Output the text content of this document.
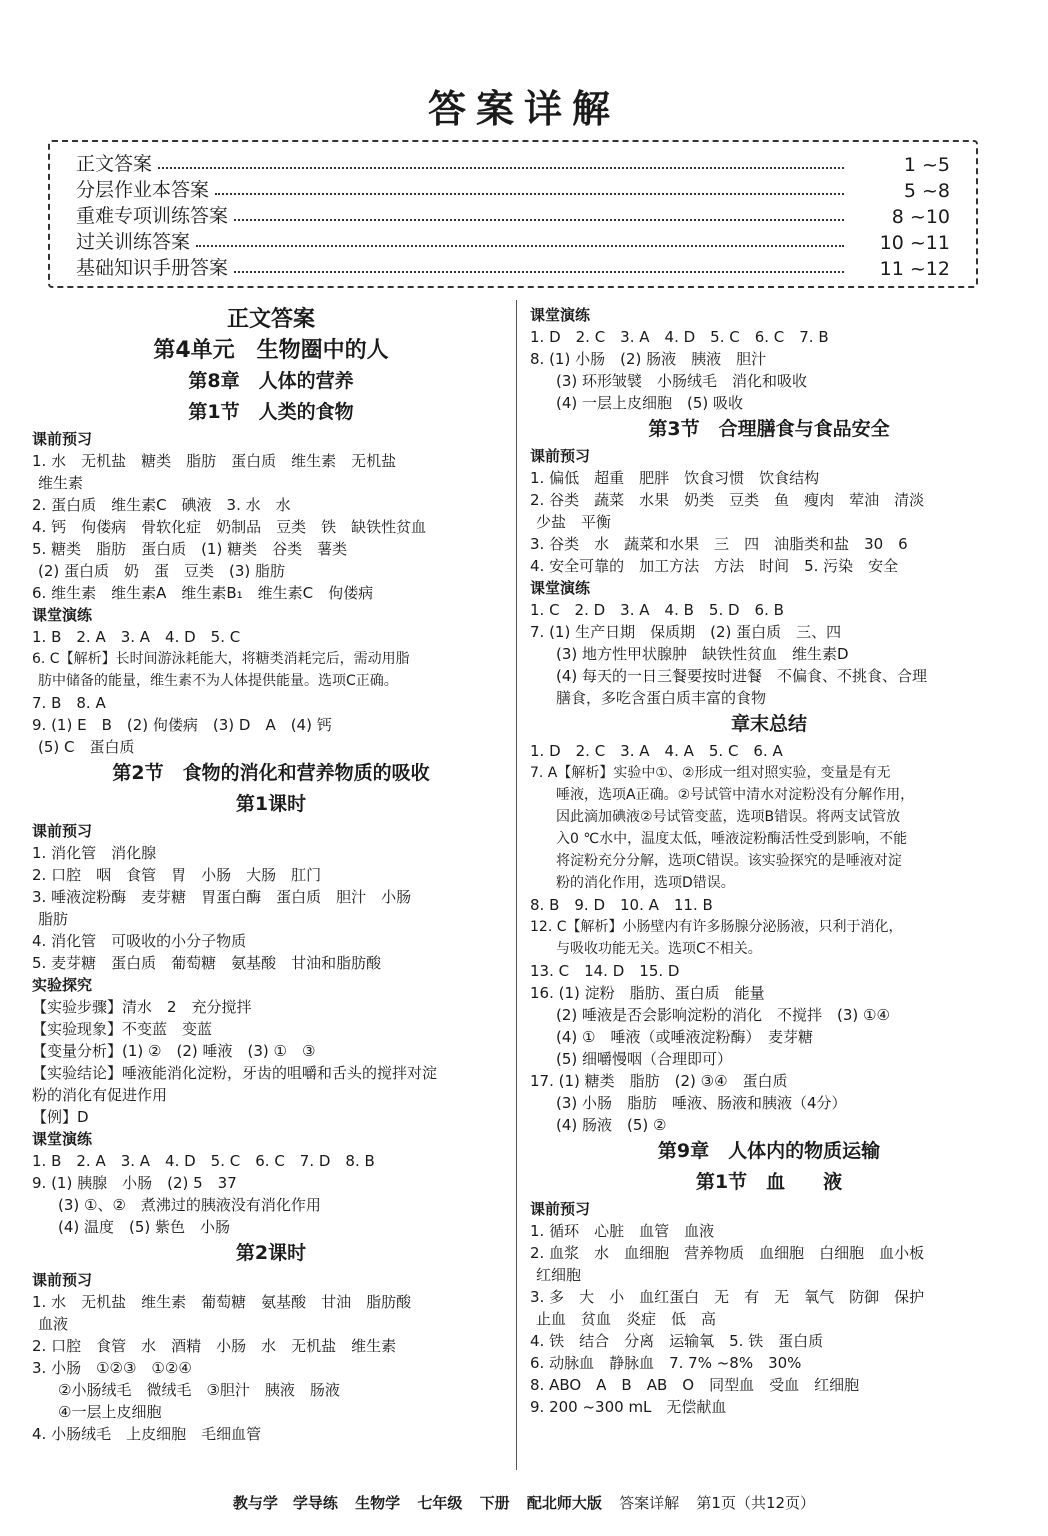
答案详解
正文答案	1 ~5
分层作业本答案	5 ~8
重难专项训练答案	8 ~10
过关训练答案	10 ~11
基础知识手册答案	11 ~12
正文答案
第4单元　生物圈中的人
第8章　人体的营养
第1节　人类的食物
课前预习
1. 水　无机盐　糖类　脂肪　蛋白质　维生素　无机盐
维生素
2. 蛋白质　维生素C　碘液　3. 水　水
4. 钙　佝偻病　骨软化症　奶制品　豆类　铁　缺铁性贫血
5. 糖类　脂肪　蛋白质　(1) 糖类　谷类　薯类
(2) 蛋白质　奶　蛋　豆类　(3) 脂肪
6. 维生素　维生素A　维生素B₁　维生素C　佝偻病
课堂演练
1. B　2. A　3. A　4. D　5. C
6. C【解析】长时间游泳耗能大，将糖类消耗完后，需动用脂
肪中储备的能量，维生素不为人体提供能量。选项C正确。
7. B　8. A
9. (1) E　B　(2) 佝偻病　(3) D　A　(4) 钙
(5) C　蛋白质
第2节　食物的消化和营养物质的吸收
第1课时
课前预习
1. 消化管　消化腺
2. 口腔　咽　食管　胃　小肠　大肠　肛门
3. 唾液淀粉酶　麦芽糖　胃蛋白酶　蛋白质　胆汁　小肠
脂肪
4. 消化管　可吸收的小分子物质
5. 麦芽糖　蛋白质　葡萄糖　氨基酸　甘油和脂肪酸
实验探究
【实验步骤】清水　2　充分搅拌
【实验现象】不变蓝　变蓝
【变量分析】(1) ②　(2) 唾液　(3) ①　③
【实验结论】唾液能消化淀粉，牙齿的咀嚼和舌头的搅拌对淀
粉的消化有促进作用
【例】D
课堂演练
1. B　2. A　3. A　4. D　5. C　6. C　7. D　8. B
9. (1) 胰腺　小肠　(2) 5　37
(3) ①、②　煮沸过的胰液没有消化作用
(4) 温度　(5) 紫色　小肠
第2课时
课前预习
1. 水　无机盐　维生素　葡萄糖　氨基酸　甘油　脂肪酸
血液
2. 口腔　食管　水　酒精　小肠　水　无机盐　维生素
3. 小肠　①②③　①②④
②小肠绒毛　微绒毛　③胆汁　胰液　肠液
④一层上皮细胞
4. 小肠绒毛　上皮细胞　毛细血管
课堂演练
1. D　2. C　3. A　4. D　5. C　6. C　7. B
8. (1) 小肠　(2) 肠液　胰液　胆汁
(3) 环形皱襞　小肠绒毛　消化和吸收
(4) 一层上皮细胞　(5) 吸收
第3节　合理膳食与食品安全
课前预习
1. 偏低　超重　肥胖　饮食习惯　饮食结构
2. 谷类　蔬菜　水果　奶类　豆类　鱼　瘦肉　荤油　清淡
少盐　平衡
3. 谷类　水　蔬菜和水果　三　四　油脂类和盐　30　6
4. 安全可靠的　加工方法　方法　时间　5. 污染　安全
课堂演练
1. C　2. D　3. A　4. B　5. D　6. B
7. (1) 生产日期　保质期　(2) 蛋白质　三、四
(3) 地方性甲状腺肿　缺铁性贫血　维生素D
(4) 每天的一日三餐要按时进餐　不偏食、不挑食、合理
膳食，多吃含蛋白质丰富的食物
章末总结
1. D　2. C　3. A　4. A　5. C　6. A
7. A【解析】实验中①、②形成一组对照实验，变量是有无
唾液，选项A正确。②号试管中清水对淀粉没有分解作用，
因此滴加碘液②号试管变蓝，选项B错误。将两支试管放
入0 ℃水中，温度太低，唾液淀粉酶活性受到影响，不能
将淀粉充分分解，选项C错误。该实验探究的是唾液对淀
粉的消化作用，选项D错误。
8. B　9. D　10. A　11. B
12. C【解析】小肠壁内有许多肠腺分泌肠液，只利于消化，
与吸收功能无关。选项C不相关。
13. C　14. D　15. D
16. (1) 淀粉　脂肪、蛋白质　能量
(2) 唾液是否会影响淀粉的消化　不搅拌　(3) ①④
(4) ①　唾液（或唾液淀粉酶）　麦芽糖
(5) 细嚼慢咽（合理即可）
17. (1) 糖类　脂肪　(2) ③④　蛋白质
(3) 小肠　脂肪　唾液、肠液和胰液（4分）
(4) 肠液　(5) ②
第9章　人体内的物质运输
第1节　血　　液
课前预习
1. 循环　心脏　血管　血液
2. 血浆　水　血细胞　营养物质　血细胞　白细胞　血小板
红细胞
3. 多　大　小　血红蛋白　无　有　无　氧气　防御　保护
止血　贫血　炎症　低　高
4. 铁　结合　分离　运输氧　5. 铁　蛋白质
6. 动脉血　静脉血　7. 7% ~8%　30%
8. ABO　A　B　AB　O　同型血　受血　红细胞
9. 200 ~300 mL　无偿献血
教与学　学导练 生物学 七年级 下册 配北师大版 答案详解 第1页（共12页）
